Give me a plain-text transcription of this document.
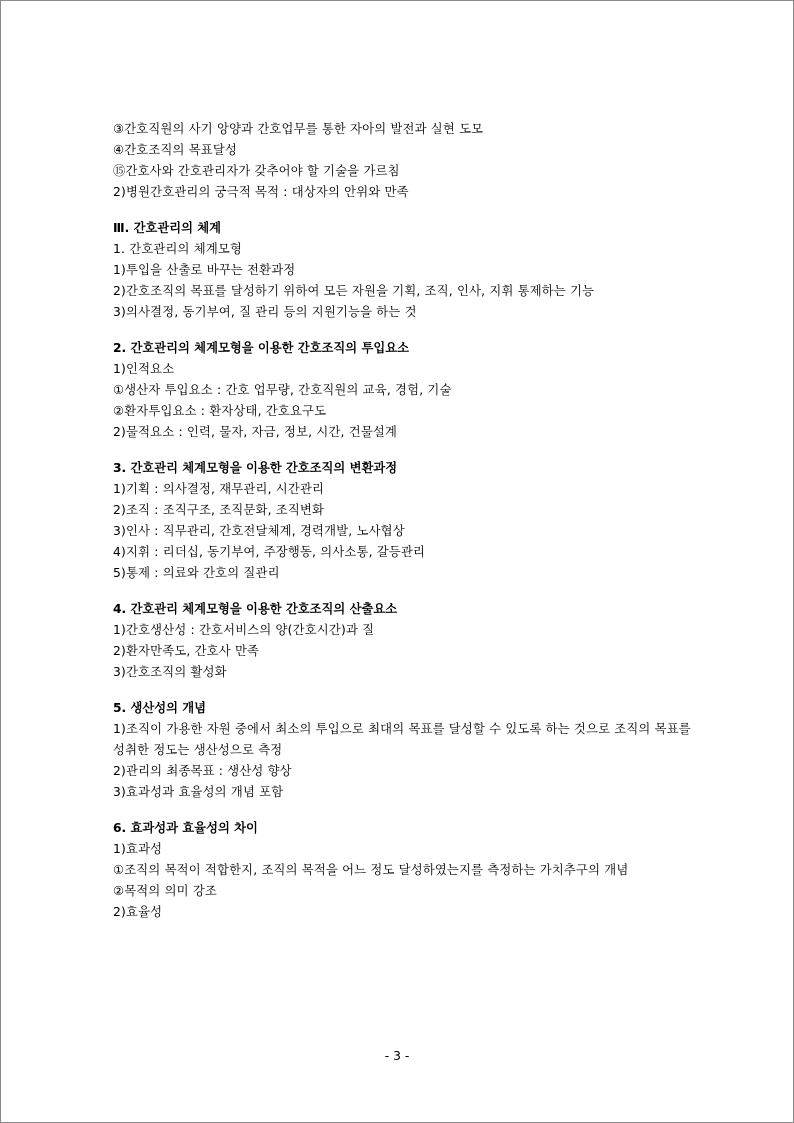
③간호직원의 사기 앙양과 간호업무를 통한 자아의 발전과 실현 도모
④간호조직의 목표달성
⑮간호사와 간호관리자가 갖추어야 할 기술을 가르침
2)병원간호관리의 궁극적 목적 : 대상자의 안위와 만족
Ⅲ. 간호관리의 체계
1. 간호관리의 체계모형
1)투입을 산출로 바꾸는 전환과정
2)간호조직의 목표를 달성하기 위하여 모든 자원을 기획, 조직, 인사, 지휘 통제하는 기능
3)의사결정, 동기부여, 질 관리 등의 지원기능을 하는 것
2. 간호관리의 체계모형을 이용한 간호조직의 투입요소
1)인적요소
①생산자 투입요소 : 간호 업무량, 간호직원의 교육, 경험, 기술
②환자투입요소 : 환자상태, 간호요구도
2)물적요소 : 인력, 물자, 자금, 정보, 시간, 건물설계
3. 간호관리 체계모형을 이용한 간호조직의 변환과정
1)기획 : 의사결정, 재무관리, 시간관리
2)조직 : 조직구조, 조직문화, 조직변화
3)인사 : 직무관리, 간호전달체계, 경력개발, 노사협상
4)지휘 : 리더십, 동기부여, 주장행동, 의사소통, 갈등관리
5)통제 : 의료와 간호의 질관리
4. 간호관리 체계모형을 이용한 간호조직의 산출요소
1)간호생산성 : 간호서비스의 양(간호시간)과 질
2)환자만족도, 간호사 만족
3)간호조직의 활성화
5. 생산성의 개념
1)조직이 가용한 자원 중에서 최소의 투입으로 최대의 목표를 달성할 수 있도록 하는 것으로 조직의 목표를 성취한 정도는 생산성으로 측정
2)관리의 최종목표 : 생산성 향상
3)효과성과 효율성의 개념 포함
6. 효과성과 효율성의 차이
1)효과성
①조직의 목적이 적합한지, 조직의 목적을 어느 정도 달성하였는지를 측정하는 가치추구의 개념
②목적의 의미 강조
2)효율성
- 3 -
